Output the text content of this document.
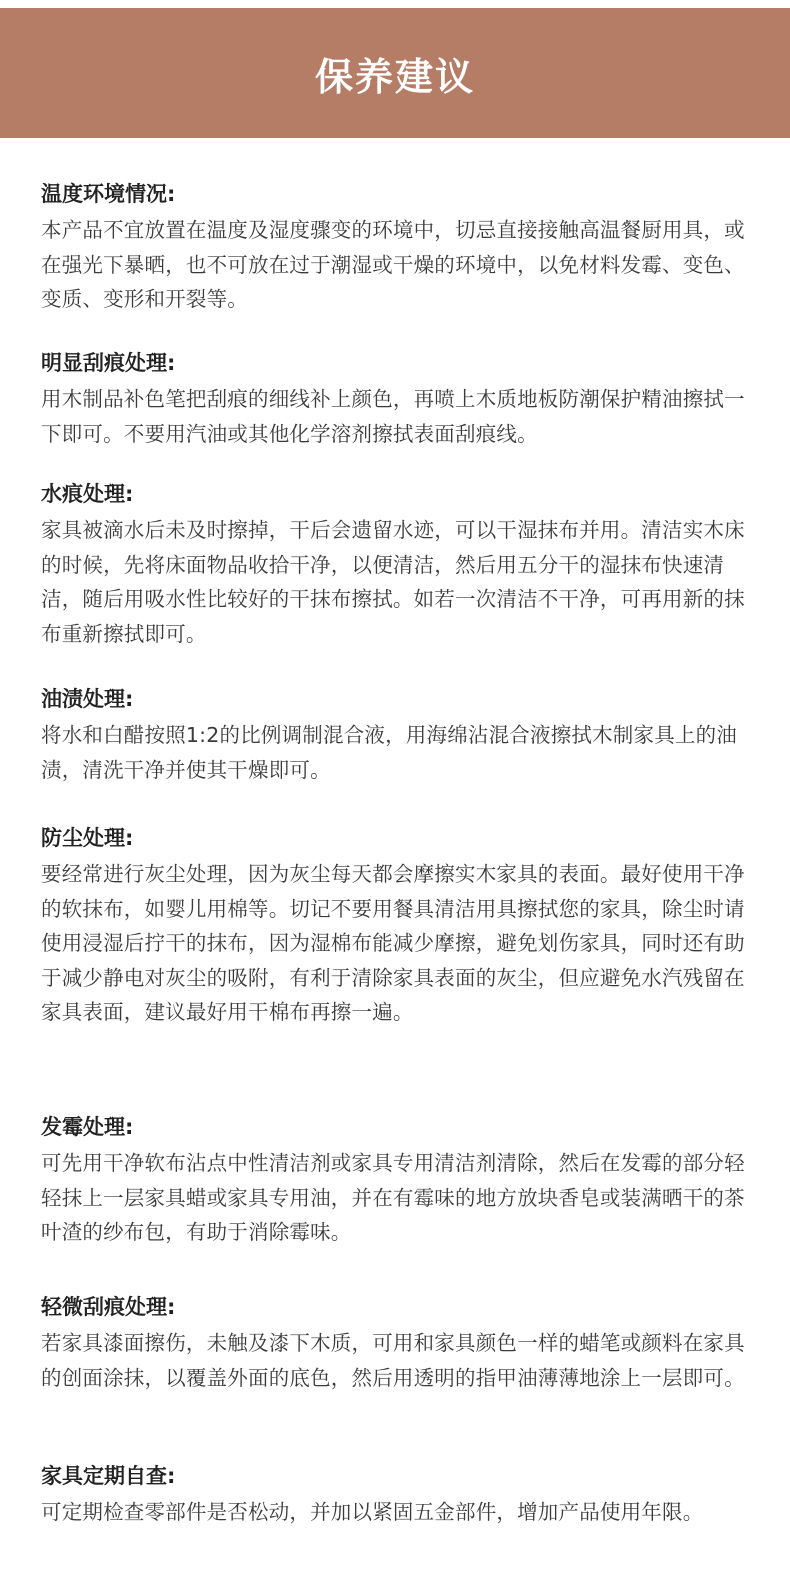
保养建议
温度环境情况:

本产品不宜放置在温度及湿度骤变的环境中，切忌直接接触高温餐厨用具，或在强光下暴晒，也不可放在过于潮湿或干燥的环境中，以免材料发霉、变色、变质、变形和开裂等。

明显刮痕处理:

用木制品补色笔把刮痕的细线补上颜色，再喷上木质地板防潮保护精油擦拭一下即可。不要用汽油或其他化学溶剂擦拭表面刮痕线。

水痕处理:

家具被滴水后未及时擦掉，干后会遗留水迹，可以干湿抹布并用。清洁实木床的时候，先将床面物品收拾干净，以便清洁，然后用五分干的湿抹布快速清洁，随后用吸水性比较好的干抹布擦拭。如若一次清洁不干净，可再用新的抹布重新擦拭即可。

油渍处理:

将水和白醋按照1:2的比例调制混合液，用海绵沾混合液擦拭木制家具上的油渍，清洗干净并使其干燥即可。

防尘处理:

要经常进行灰尘处理，因为灰尘每天都会摩擦实木家具的表面。最好使用干净的软抹布，如婴儿用棉等。切记不要用餐具清洁用具擦拭您的家具，除尘时请使用浸湿后拧干的抹布，因为湿棉布能减少摩擦，避免划伤家具，同时还有助于减少静电对灰尘的吸附，有利于清除家具表面的灰尘，但应避免水汽残留在家具表面，建议最好用干棉布再擦一遍。

发霉处理:

可先用干净软布沾点中性清洁剂或家具专用清洁剂清除，然后在发霉的部分轻轻抹上一层家具蜡或家具专用油，并在有霉味的地方放块香皂或装满晒干的茶叶渣的纱布包，有助于消除霉味。

轻微刮痕处理:

若家具漆面擦伤，未触及漆下木质，可用和家具颜色一样的蜡笔或颜料在家具的创面涂抹，以覆盖外面的底色，然后用透明的指甲油薄薄地涂上一层即可。

家具定期自查:

可定期检查零部件是否松动，并加以紧固五金部件，增加产品使用年限。
